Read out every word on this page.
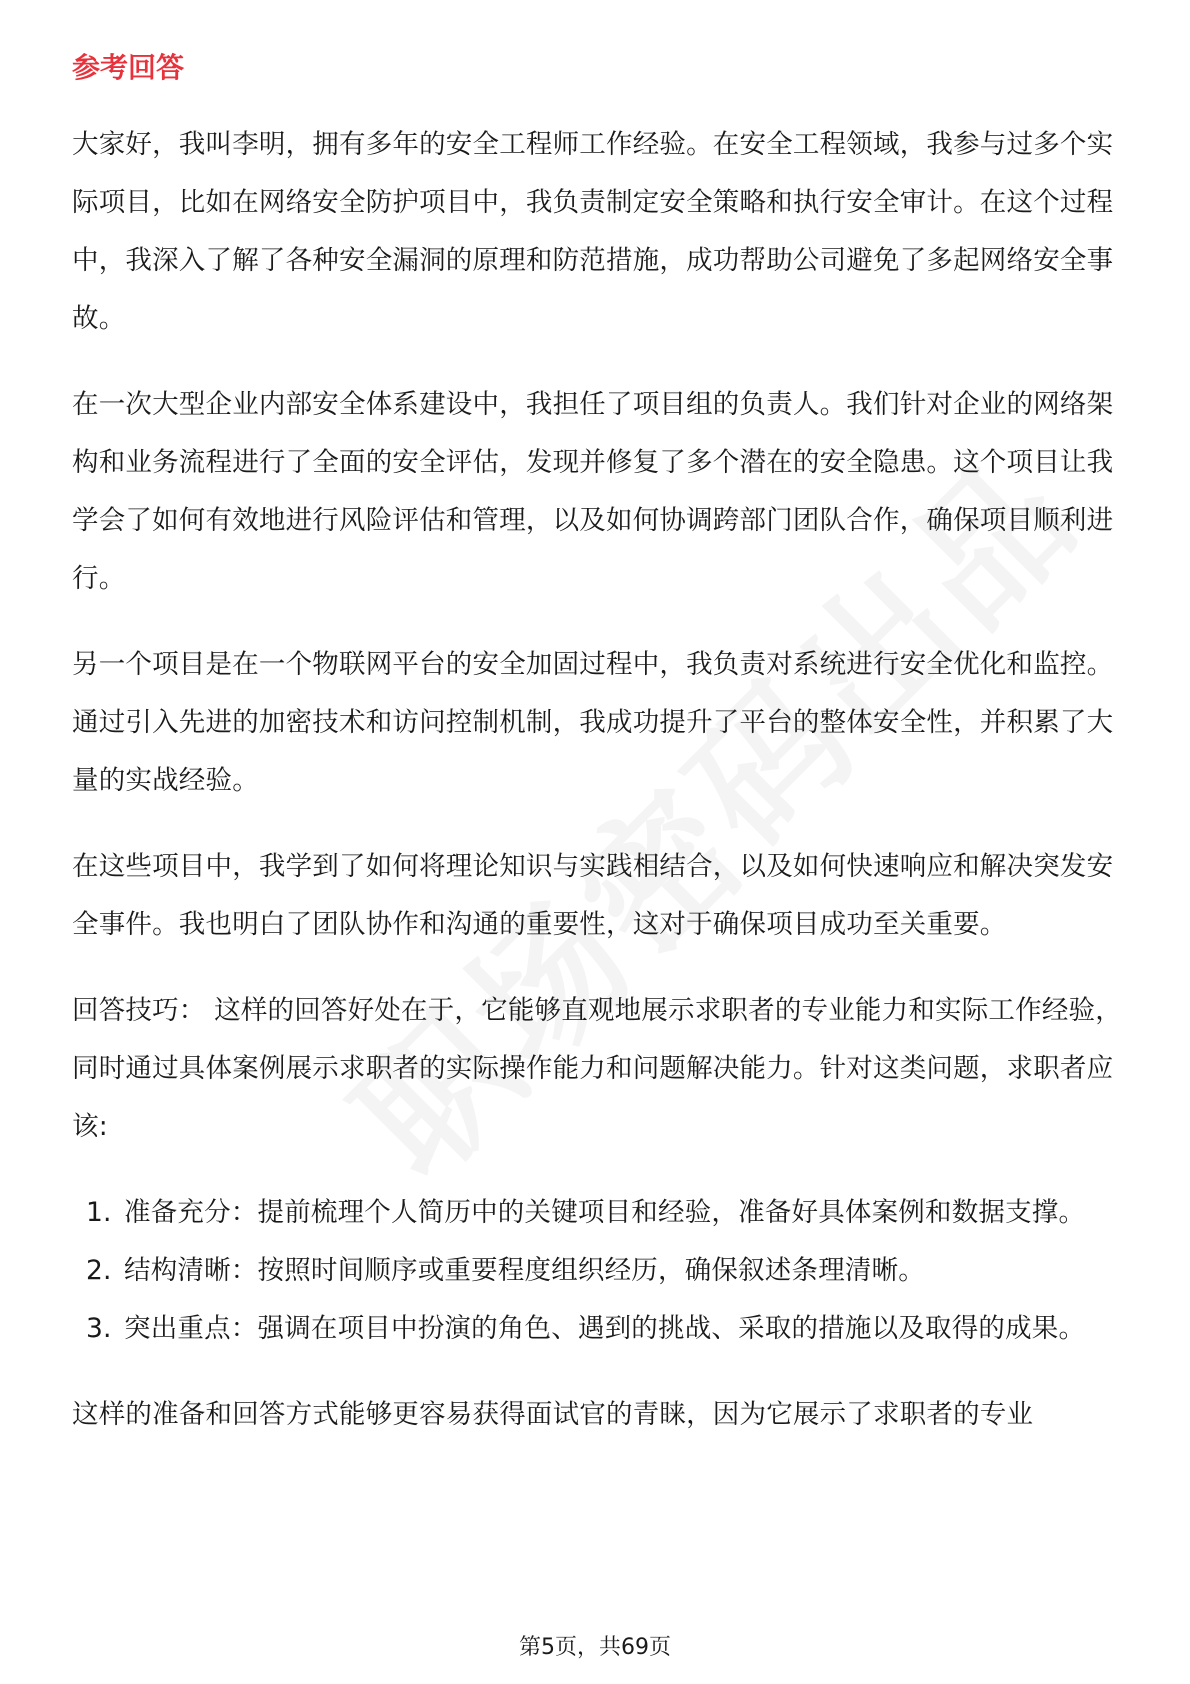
参考回答

大家好，我叫李明，拥有多年的安全工程师工作经验。在安全工程领域，我参与过多个实际项目，比如在网络安全防护项目中，我负责制定安全策略和执行安全审计。在这个过程中，我深入了解了各种安全漏洞的原理和防范措施，成功帮助公司避免了多起网络安全事故。

在一次大型企业内部安全体系建设中，我担任了项目组的负责人。我们针对企业的网络架构和业务流程进行了全面的安全评估，发现并修复了多个潜在的安全隐患。这个项目让我学会了如何有效地进行风险评估和管理，以及如何协调跨部门团队合作，确保项目顺利进行。

另一个项目是在一个物联网平台的安全加固过程中，我负责对系统进行安全优化和监控。通过引入先进的加密技术和访问控制机制，我成功提升了平台的整体安全性，并积累了大量的实战经验。

在这些项目中，我学到了如何将理论知识与实践相结合，以及如何快速响应和解决突发安全事件。我也明白了团队协作和沟通的重要性，这对于确保项目成功至关重要。

回答技巧： 这样的回答好处在于，它能够直观地展示求职者的专业能力和实际工作经验，同时通过具体案例展示求职者的实际操作能力和问题解决能力。针对这类问题，求职者应该:

1. 准备充分：提前梳理个人简历中的关键项目和经验，准备好具体案例和数据支撑。
2. 结构清晰：按照时间顺序或重要程度组织经历，确保叙述条理清晰。
3. 突出重点：强调在项目中扮演的角色、遇到的挑战、采取的措施以及取得的成果。

这样的准备和回答方式能够更容易获得面试官的青睐，因为它展示了求职者的专业

第5页，共69页
